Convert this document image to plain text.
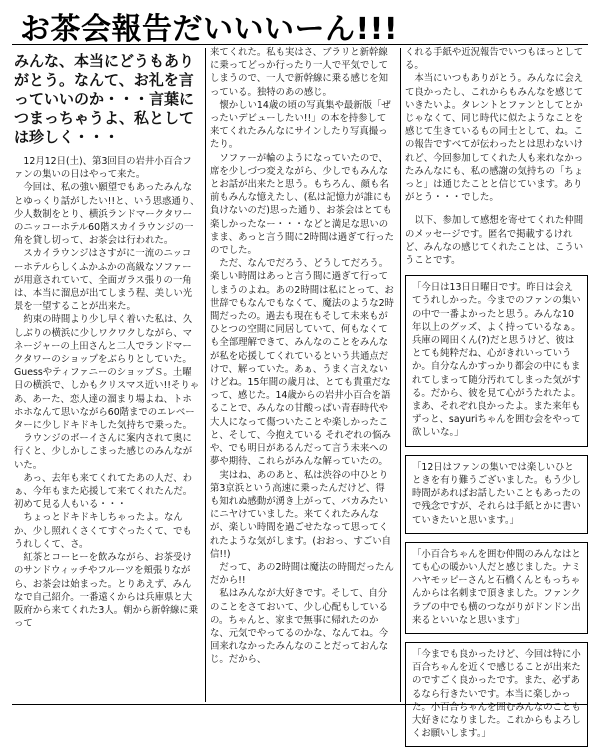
お茶会報告だいいいーん!!!

みんな、本当にどうもありがとう。なんて、お礼を言っていいのか・・・言葉につまっちゃうよ、私としては珍しく・・・

12月12日(土)、第3回目の岩井小百合ファンの集いの日はやって来た。

今回は、私の強い願望でもあったみんなとゆっくり話がしたい!!と、いう思惑通り、少人数制をとり、横浜ランドマークタワーのニッコーホテル60階スカイラウンジの一角を貸し切って、お茶会は行われた。

スカイラウンジはさすがに一流のニッコーホテルらしくふかふかの高級なソファーが用意されていて、全面ガラス張りの一角は、本当に溜息が出てしまう程、美しい光景を一望することが出来た。

約束の時間より少し早く着いた私は、久しぶりの横浜に少しワクワクしながら、マネージャーの上田さんと二人でランドマークタワーのショップをぶらりとしていた。GuessやティファニーのショップＳ。土曜日の横浜で、しかもクリスマス近い!!そりゃあ、あーた、恋人達の溜まり場よね、トホホホなんて思いながら60階までのエレベーターに少しドキドキした気持ちで乗った。

ラウンジのボーイさんに案内されて奥に行くと、少しかしこまった感じのみんながいた。

あっ、去年も来てくれてたあの人だ、わぁ、今年もまた応援して来てくれたんだ。初めて見る人もいる・・・

ちょっとドキドキしちゃったよ。なんか、少し照れくさくてすぐったくて、でもうれしくて、さ。

紅茶とコーヒーを飲みながら、お茶受けのサンドウィッチやフルーツを頬張りながら、お茶会は始まった。とりあえず、みんなで自己紹介。一番遠くからは兵庫県と大阪府から来てくれた3人。朝から新幹線に乗って

来てくれた。私も実はさ、ブラリと新幹線に乗ってどっか行ったり一人で平気でしてしまうので、一人で新幹線に乗る感じを知っている。独特のあの感じ。

懐かしい14歳の頃の写真集や最新版「ぜったいデビューしたい!!」の本を持参して来てくれたみんなにサインしたり写真撮ったり。

ソファーが輪のようになっていたので、席を少しづつ変えながら、少しでもみんなとお話が出来たと思う。もちろん、顔も名前もみんな憶えたし、(私は記憶力が誰にも負けないのだ)思った通り、お茶会はとても楽しかったなー・・・などと満足な思いのまま、あっと言う間に2時間は過ぎて行ったのでした。

ただ、なんでだろう、どうしてだろう。楽しい時間はあっと言う間に過ぎて行ってしまうのよね。あの2時間は私にとって、お世辞でもなんでもなくて、魔法のような2時間だったの。過去も現在もそして未来もがひとつの空間に同居していて、何もなくても全部理解できて、みんなのことをみんなが私を応援してくれているという共通点だけで、解っていた。あぁ、うまく言えないけどね。15年間の歳月は、とても貴重だなって、感じた。14歳からの岩井小百合を語ることで、みんなの甘酸っぱい青春時代や大人になって傷ついたことや楽しかったこと、そして、今抱えている それぞれの悩みや、でも明日があるんだって言う未来への夢や期待、これらがみんな解っていたの。

実はね、あのあと、私は渋谷の中ひとり第3京浜という高速に乗ったんだけど、得も知れぬ感動が湧き上がって、バカみたいにニヤけていました。来てくれたみんなが、楽しい時間を過ごせたなって思ってくれたような気がします。(おおっ、すごい自信!!)

だって、あの2時間は魔法の時間だったんだから!!

私はみんなが大好きです。そして、自分のことをさておいて、少し心配もしているの。ちゃんと、家まで無事に帰れたのかな、元気でやってるのかな、なんてね。今回来れなかったみんなのことだっておんなじ。だから、

くれる手紙や近況報告でいつもほっとしてる。

本当にいつもありがとう。みんなに会えて良かったし、これからもみんなを感じていきたいよ。タレントとファンとしてとかじゃなくて、同じ時代に似たようなことを感じて生きているもの同士として、ね。この報告ですべてが伝わったとは思わないけれど、今回参加してくれた人も来れなかったみんなにも、私の感謝の気持ちの「ちょっと」は通じたことと信じています。ありがとう・・・でした。

以下、参加して感想を寄せてくれた仲間のメッセージです。匿名で掲載するけれど、みんなの感じてくれたことは、こういうことです。

「今日は13日日曜日です。昨日は会えてうれしかった。今までのファンの集いの中で一番よかったと思う。みんな10年以上のグッズ、よく持っているなぁ。兵庫の岡田くん(?)だと思うけど、彼はとても純粋だね、心がきれいっていうか。自分なんかすっかり都会の中にもまれてしまって随分汚れてしまった気がする。だから、彼を見て心がうたれたよ。まあ、それぞれ良かったよ。また来年もずっと、sayuriちゃんを囲む会をやって欲しいな。」
「12日はファンの集いでは楽しいひとときを有り難うございました。もう少し時間があればお話したいこともあったので残念ですが、それらは手紙とかに書いていきたいと思います。」
「小百合ちゃんを囲む仲間のみんなはとても心の暖かい人だと感じました。ナミハヤモッピーさんと石橋くんともっちゃんからは名刺まで頂きました。ファンクラブの中でも横のつながりがドンドン出来るといいなと思います」
「今までも良かったけど、今回は特に小百合ちゃんを近くで感じることが出来たのですごく良かったです。また、必ずあるなら行きたいです。本当に楽しかった。小百合ちゃんを囲むみんなのことも大好きになりました。これからもよろしくお願いします。」
